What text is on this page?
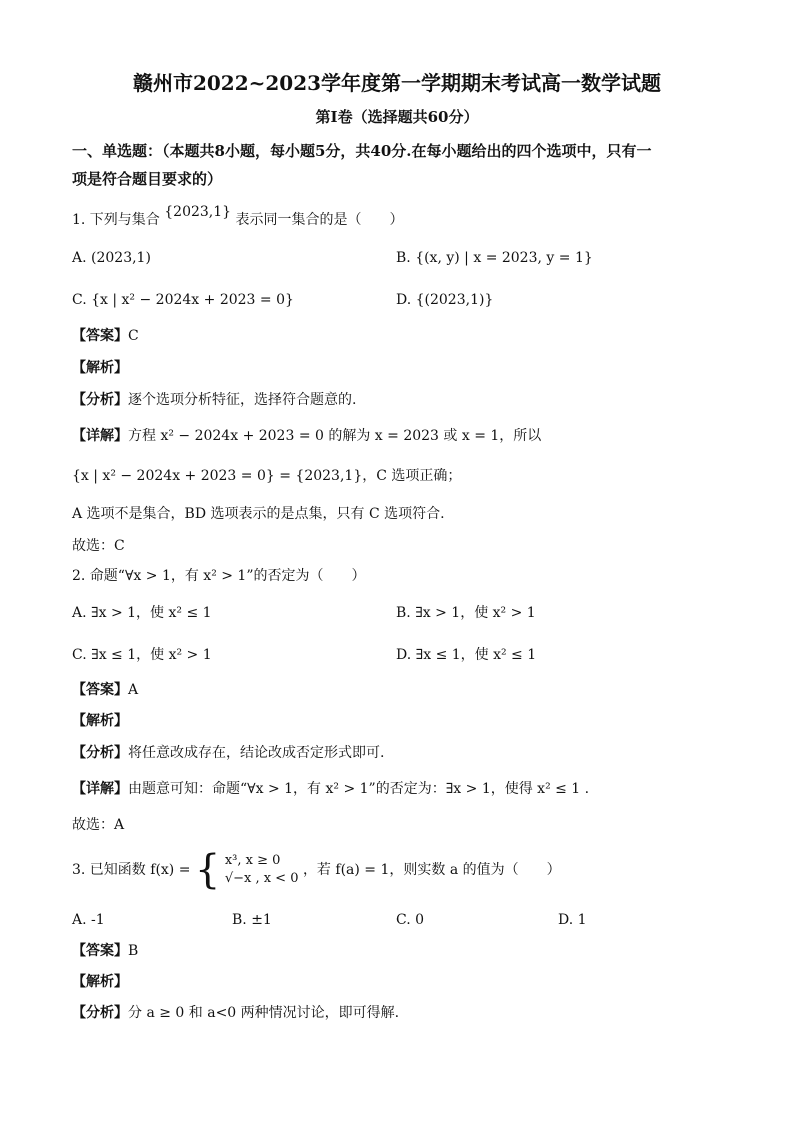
赣州市2022~2023学年度第一学期期末考试高一数学试题
第Ⅰ卷（选择题共60分）
一、单选题：（本题共8小题，每小题5分，共40分.在每小题给出的四个选项中，只有一
项是符合题目要求的）
1. 下列与集合 {2023,1} 表示同一集合的是（　　）
A. (2023,1)	B. {(x, y) | x = 2023, y = 1}
C. {x | x² − 2024x + 2023 = 0}	D. {(2023,1)}
【答案】C
【解析】
【分析】逐个选项分析特征，选择符合题意的.
【详解】方程 x² − 2024x + 2023 = 0 的解为 x = 2023 或 x = 1，所以
{x | x² − 2024x + 2023 = 0} = {2023,1}，C 选项正确；
A 选项不是集合，BD 选项表示的是点集，只有 C 选项符合.
故选：C
2. 命题“∀x > 1，有 x² > 1”的否定为（　　）
A. ∃x > 1，使 x² ≤ 1	B. ∃x > 1，使 x² > 1
C. ∃x ≤ 1，使 x² > 1	D. ∃x ≤ 1，使 x² ≤ 1
【答案】A
【解析】
【分析】将任意改成存在，结论改成否定形式即可.
【详解】由题意可知：命题“∀x > 1，有 x² > 1”的否定为：∃x > 1，使得 x² ≤ 1 .
故选：A
3. 已知函数 f(x) = { x³, x ≥ 0
√−x , x < 0 ，若 f(a) = 1，则实数 a 的值为（　　）
A. -1	B. ±1	C. 0	D. 1
【答案】B
【解析】
【分析】分 a ≥ 0 和 a<0 两种情况讨论，即可得解.
